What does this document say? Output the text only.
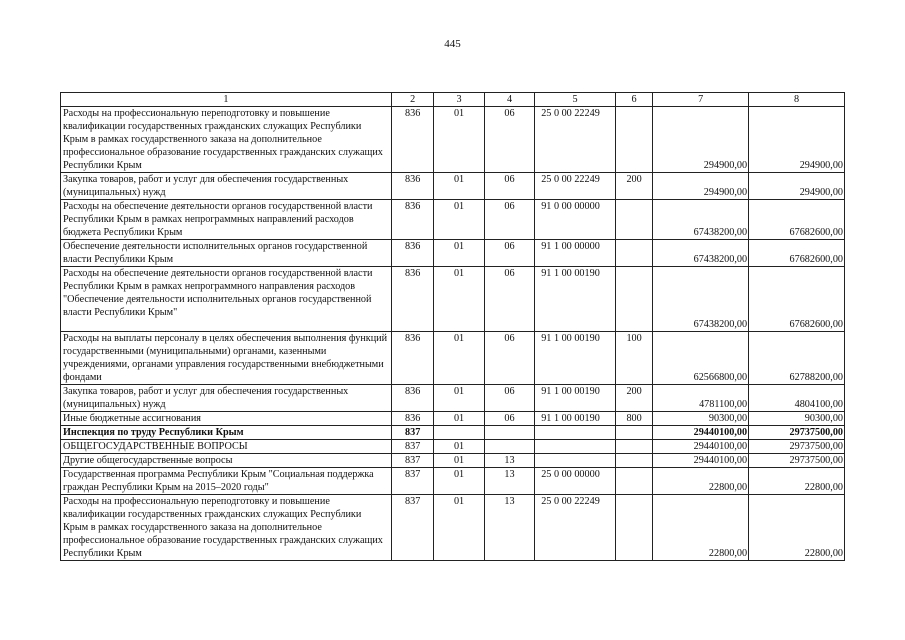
445
1	2	3	4	5	6	7	8
Расходы на профессиональную переподготовку и повышение квалификации государственных гражданских служащих Республики Крым в рамках государственного заказа на дополнительное профессиональное образование государственных гражданских служащих Республики Крым	836	01	06	25 0 00 22249		294900,00	294900,00
Закупка товаров, работ и услуг для обеспечения государственных (муниципальных) нужд	836	01	06	25 0 00 22249	200	294900,00	294900,00
Расходы на обеспечение деятельности органов государственной власти Республики Крым в рамках непрограммных направлений расходов бюджета Республики Крым	836	01	06	91 0 00 00000		67438200,00	67682600,00
Обеспечение деятельности исполнительных органов государственной власти Республики Крым	836	01	06	91 1 00 00000		67438200,00	67682600,00
Расходы на обеспечение деятельности органов государственной власти Республики Крым в рамках непрограммного направления расходов "Обеспечение деятельности исполнительных органов государственной власти Республики Крым"	836	01	06	91 1 00 00190		67438200,00	67682600,00
Расходы на выплаты персоналу в целях обеспечения выполнения функций государственными (муниципальными) органами, казенными учреждениями, органами управления государственными внебюджетными фондами	836	01	06	91 1 00 00190	100	62566800,00	62788200,00
Закупка товаров, работ и услуг для обеспечения государственных (муниципальных) нужд	836	01	06	91 1 00 00190	200	4781100,00	4804100,00
Иные бюджетные ассигнования	836	01	06	91 1 00 00190	800	90300,00	90300,00
Инспекция по труду Республики Крым	837					29440100,00	29737500,00
ОБЩЕГОСУДАРСТВЕННЫЕ ВОПРОСЫ	837	01				29440100,00	29737500,00
Другие общегосударственные вопросы	837	01	13			29440100,00	29737500,00
Государственная программа Республики Крым "Социальная поддержка граждан Республики Крым на 2015–2020 годы"	837	01	13	25 0 00 00000		22800,00	22800,00
Расходы на профессиональную переподготовку и повышение квалификации государственных гражданских служащих Республики Крым в рамках государственного заказа на дополнительное профессиональное образование государственных гражданских служащих Республики Крым	837	01	13	25 0 00 22249		22800,00	22800,00
